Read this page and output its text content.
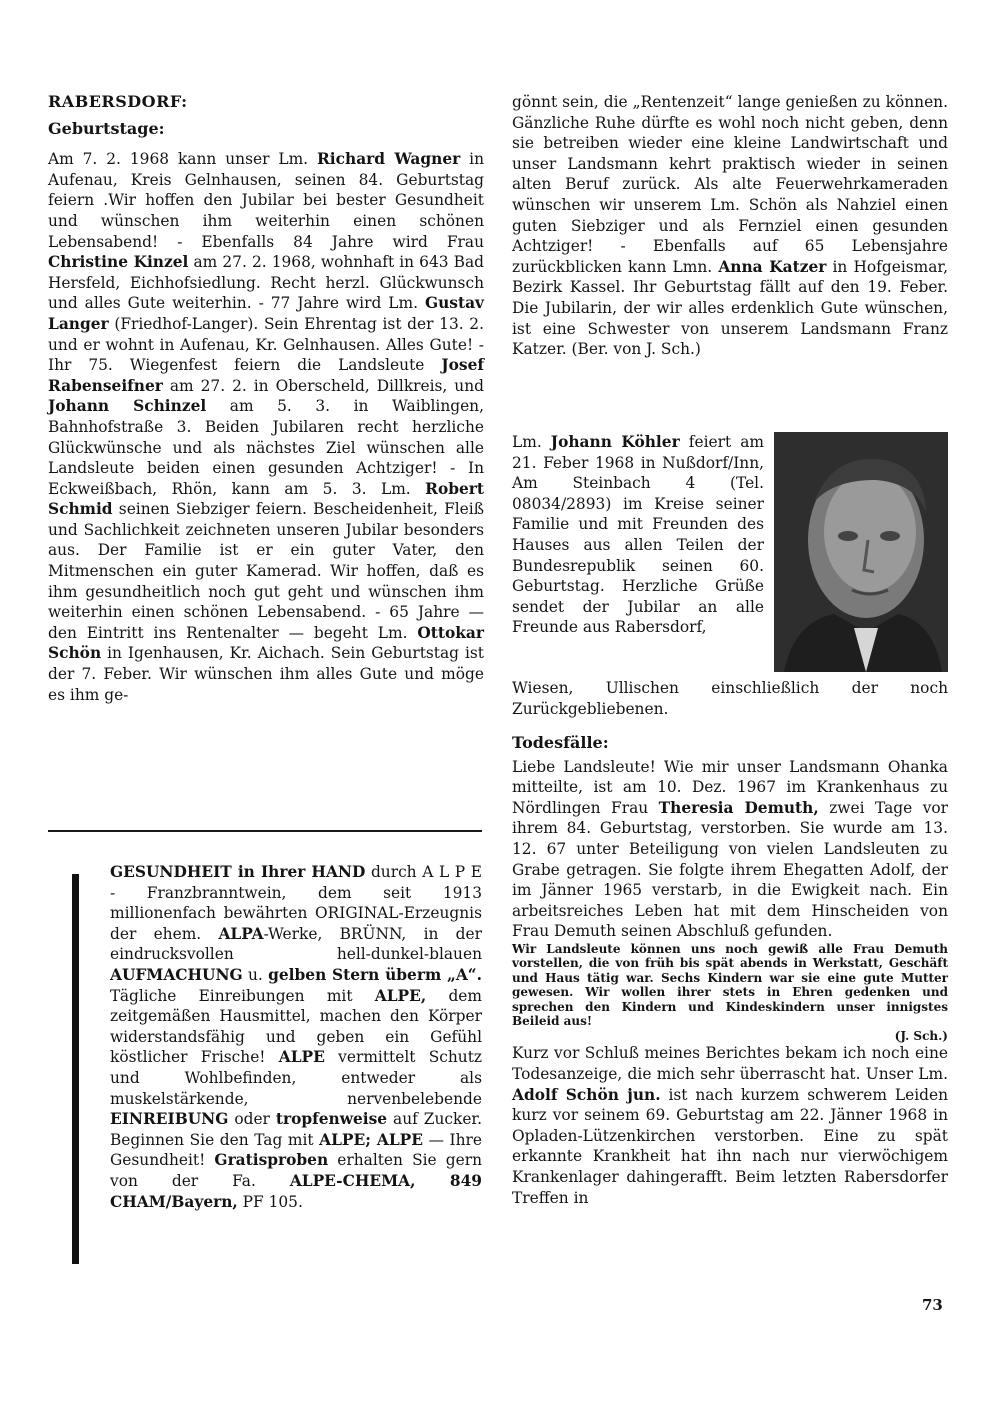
RABERSDORF:
Geburtstage:

Am 7. 2. 1968 kann unser Lm. Richard Wagner in Aufenau, Kreis Gelnhausen, seinen 84. Geburtstag feiern .Wir hoffen den Jubilar bei bester Gesundheit und wünschen ihm weiterhin einen schönen Lebensabend! - Ebenfalls 84 Jahre wird Frau Christine Kinzel am 27. 2. 1968, wohnhaft in 643 Bad Hersfeld, Eichhofsiedlung. Recht herzl. Glückwunsch und alles Gute weiterhin. - 77 Jahre wird Lm. Gustav Langer (Friedhof-Langer). Sein Ehrentag ist der 13. 2. und er wohnt in Aufenau, Kr. Gelnhausen. Alles Gute! - Ihr 75. Wiegenfest feiern die Landsleute Josef Rabenseifner am 27. 2. in Oberscheld, Dillkreis, und Johann Schinzel am 5. 3. in Waiblingen, Bahnhofstraße 3. Beiden Jubilaren recht herzliche Glückwünsche und als nächstes Ziel wünschen alle Landsleute beiden einen gesunden Achtziger! - In Eckweißbach, Rhön, kann am 5. 3. Lm. Robert Schmid seinen Siebziger feiern. Bescheidenheit, Fleiß und Sachlichkeit zeichneten unseren Jubilar besonders aus. Der Familie ist er ein guter Vater, den Mitmenschen ein guter Kamerad. Wir hoffen, daß es ihm gesundheitlich noch gut geht und wünschen ihm weiterhin einen schönen Lebensabend. - 65 Jahre — den Eintritt ins Rentenalter — begeht Lm. Ottokar Schön in Igenhausen, Kr. Aichach. Sein Geburtstag ist der 7. Feber. Wir wünschen ihm alles Gute und möge es ihm ge-

GESUNDHEIT in Ihrer HAND durch A L P E - Franzbranntwein, dem seit 1913 millionenfach bewährten ORIGINAL-Erzeugnis der ehem. ALPA-Werke, BRÜNN, in der eindrucksvollen hell-dunkel-blauen AUFMACHUNG u. gelben Stern überm „A“. Tägliche Einreibungen mit ALPE, dem zeitgemäßen Hausmittel, machen den Körper widerstandsfähig und geben ein Gefühl köstlicher Frische! ALPE vermittelt Schutz und Wohlbefinden, entweder als muskelstärkende, nervenbelebende EINREIBUNG oder tropfenweise auf Zucker. Beginnen Sie den Tag mit ALPE; ALPE — Ihre Gesundheit! Gratisproben erhalten Sie gern von der Fa. ALPE-CHEMA, 849 CHAM/Bayern, PF 105.

gönnt sein, die „Rentenzeit“ lange genießen zu können. Gänzliche Ruhe dürfte es wohl noch nicht geben, denn sie betreiben wieder eine kleine Landwirtschaft und unser Landsmann kehrt praktisch wieder in seinen alten Beruf zurück. Als alte Feuerwehrkameraden wünschen wir unserem Lm. Schön als Nahziel einen guten Siebziger und als Fernziel einen gesunden Achtziger! - Ebenfalls auf 65 Lebensjahre zurückblicken kann Lmn. Anna Katzer in Hofgeismar, Bezirk Kassel. Ihr Geburtstag fällt auf den 19. Feber. Die Jubilarin, der wir alles erdenklich Gute wünschen, ist eine Schwester von unserem Landsmann Franz Katzer. (Ber. von J. Sch.)

Lm. Johann Köhler feiert am 21. Feber 1968 in Nußdorf/Inn, Am Steinbach 4 (Tel. 08034/2893) im Kreise seiner Familie und mit Freunden des Hauses aus allen Teilen der Bundesrepublik seinen 60. Geburtstag. Herzliche Grüße sendet der Jubilar an alle Freunde aus Rabersdorf,

Wiesen, Ullischen einschließlich der noch Zurückgebliebenen.

Todesfälle:

Liebe Landsleute! Wie mir unser Landsmann Ohanka mitteilte, ist am 10. Dez. 1967 im Krankenhaus zu Nördlingen Frau Theresia Demuth, zwei Tage vor ihrem 84. Geburtstag, verstorben. Sie wurde am 13. 12. 67 unter Beteiligung von vielen Landsleuten zu Grabe getragen. Sie folgte ihrem Ehegatten Adolf, der im Jänner 1965 verstarb, in die Ewigkeit nach. Ein arbeitsreiches Leben hat mit dem Hinscheiden von Frau Demuth seinen Abschluß gefunden.

Wir Landsleute können uns noch gewiß alle Frau Demuth vorstellen, die von früh bis spät abends in Werkstatt, Geschäft und Haus tätig war. Sechs Kindern war sie eine gute Mutter gewesen. Wir wollen ihrer stets in Ehren gedenken und sprechen den Kindern und Kindeskindern unser innigstes Beileid aus!

(J. Sch.)

Kurz vor Schluß meines Berichtes bekam ich noch eine Todesanzeige, die mich sehr überrascht hat. Unser Lm. Adolf Schön jun. ist nach kurzem schwerem Leiden kurz vor seinem 69. Geburtstag am 22. Jänner 1968 in Opladen-Lützenkirchen verstorben. Eine zu spät erkannte Krankheit hat ihn nach nur vierwöchigem Krankenlager dahingerafft. Beim letzten Rabersdorfer Treffen in

73
